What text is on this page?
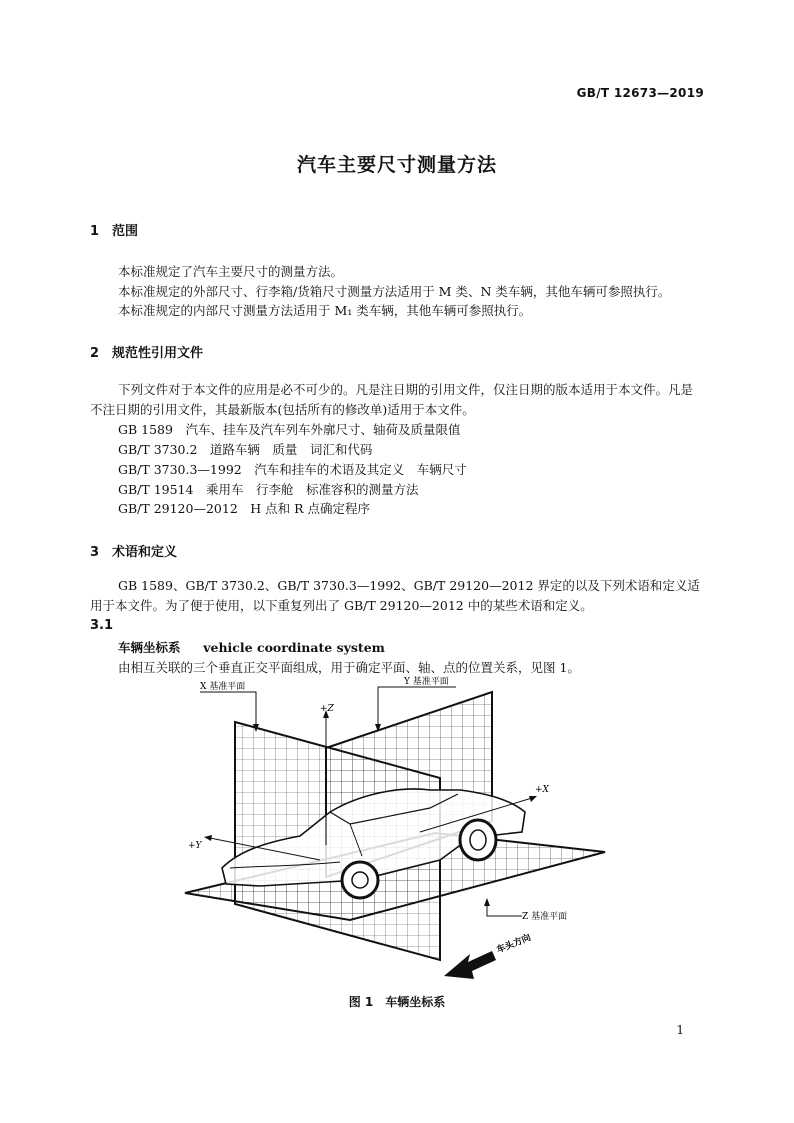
GB/T 12673—2019
汽车主要尺寸测量方法
1 范围
本标准规定了汽车主要尺寸的测量方法。
本标准规定的外部尺寸、行李箱/货箱尺寸测量方法适用于 M 类、N 类车辆，其他车辆可参照执行。
本标准规定的内部尺寸测量方法适用于 M₁ 类车辆，其他车辆可参照执行。
2 规范性引用文件
下列文件对于本文件的应用是必不可少的。凡是注日期的引用文件，仅注日期的版本适用于本文件。凡是不注日期的引用文件，其最新版本(包括所有的修改单)适用于本文件。
GB 1589　汽车、挂车及汽车列车外廓尺寸、轴荷及质量限值
GB/T 3730.2　道路车辆　质量　词汇和代码
GB/T 3730.3—1992　汽车和挂车的术语及其定义　车辆尺寸
GB/T 19514　乘用车　行李舱　标准容积的测量方法
GB/T 29120—2012　H 点和 R 点确定程序
3 术语和定义
GB 1589、GB/T 3730.2、GB/T 3730.3—1992、GB/T 29120—2012 界定的以及下列术语和定义适用于本文件。为了便于使用，以下重复列出了 GB/T 29120—2012 中的某些术语和定义。
3.1
车辆坐标系 vehicle coordinate system
由相互关联的三个垂直正交平面组成，用于确定平面、轴、点的位置关系，见图 1。
+Z
+X
+Y
X 基准平面	Y 基准平面
Z 基准平面
车头方向
图 1　车辆坐标系
1
